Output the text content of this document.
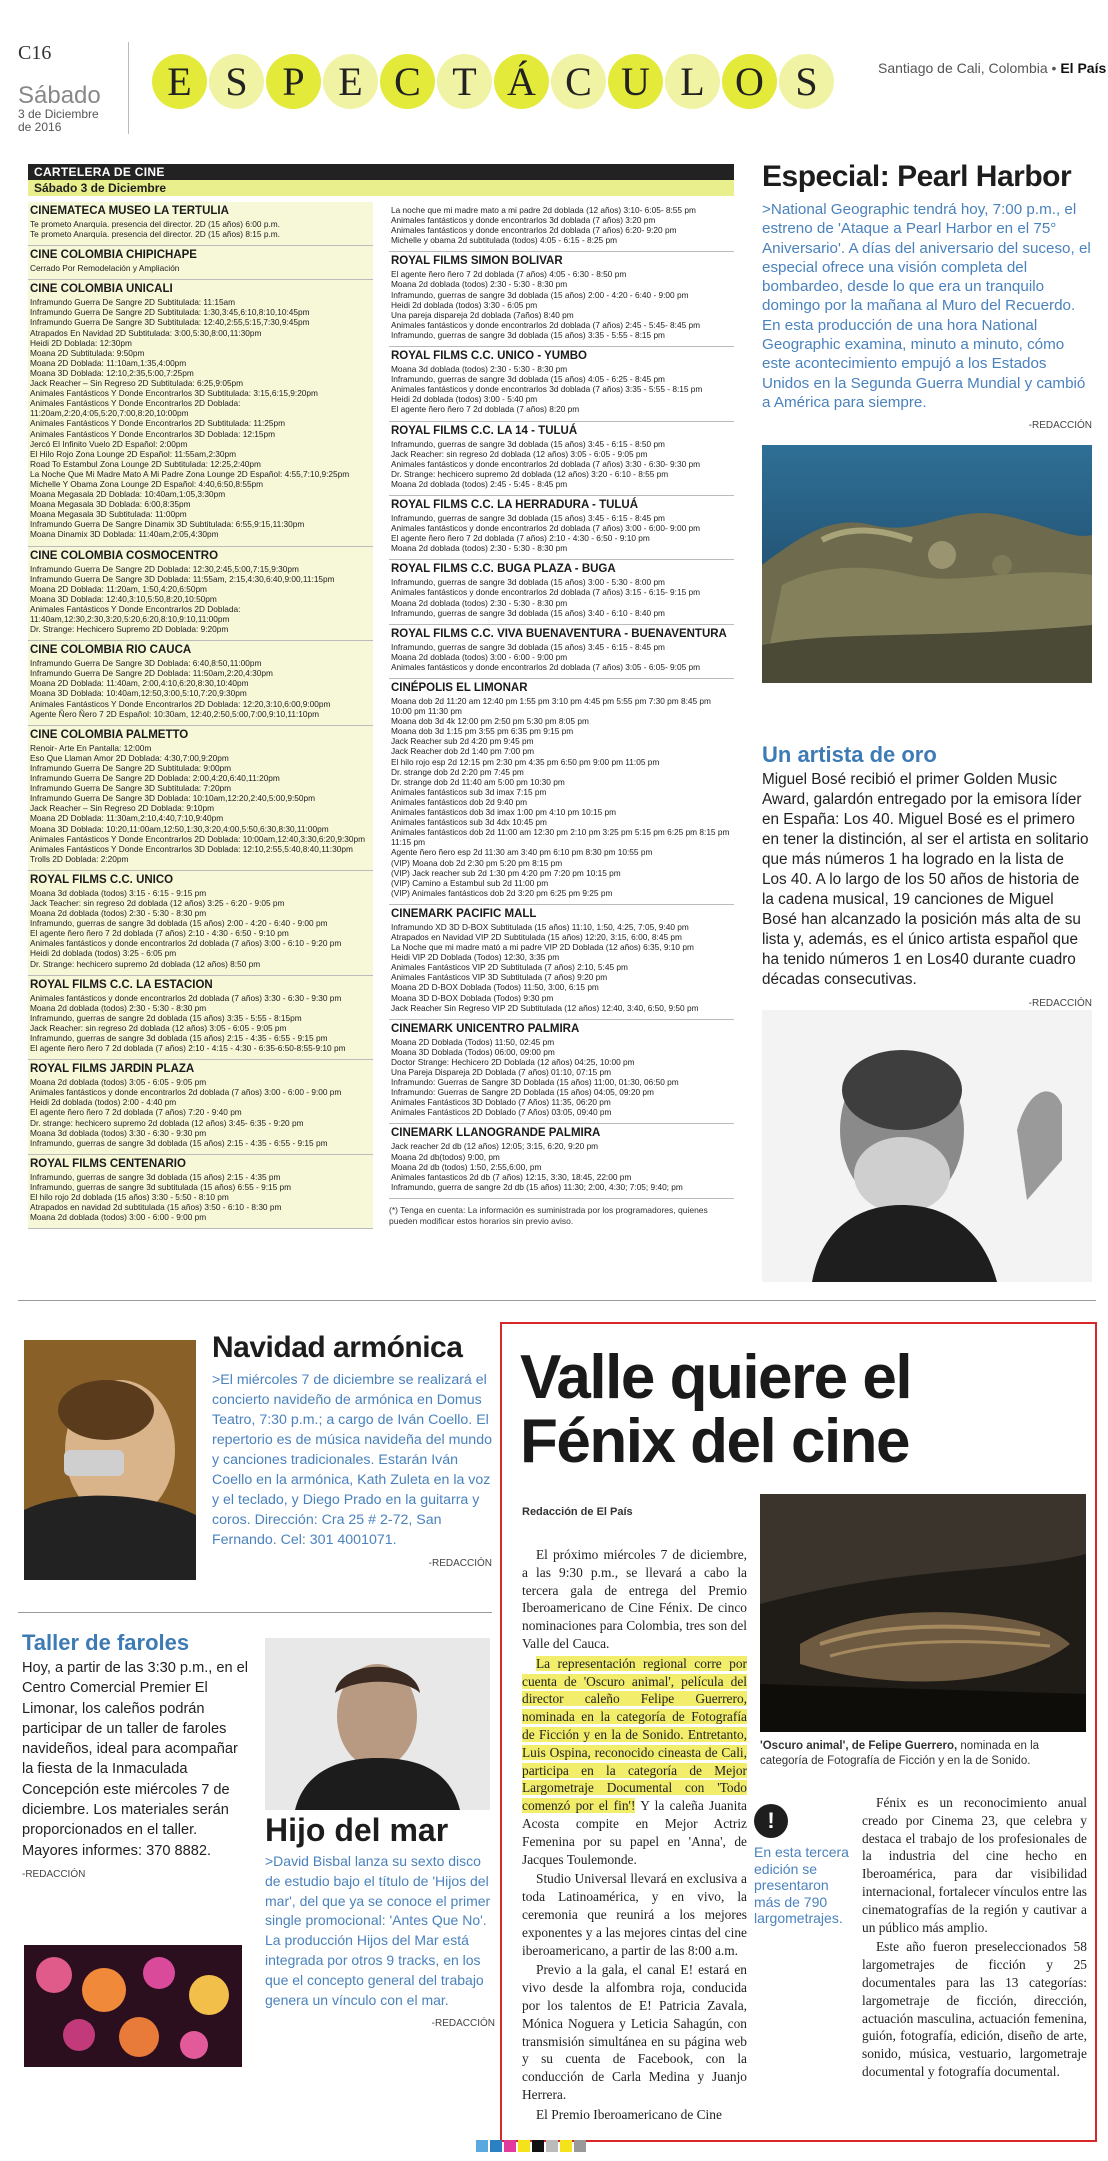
C16
Sábado
3 de Diciembre
de 2016
E S P E C T Á C U L O S	Santiago de Cali, Colombia • El País
CARTELERA DE CINE
Sábado 3 de Diciembre
CINEMATECA MUSEO LA TERTULIA
Te prometo Anarquía. presencia del director. 2D (15 años) 6:00 p.m.
Te prometo Anarquía. presencia del director. 2D (15 años) 8:15 p.m.
CINE COLOMBIA CHIPICHAPE
Cerrado Por Remodelación y Ampliación
CINE COLOMBIA UNICALI
Inframundo Guerra De Sangre 2D Subtitulada: 11:15am
Inframundo Guerra De Sangre 2D Subtitulada: 1:30,3:45,6:10,8:10,10:45pm
Inframundo Guerra De Sangre 3D Subtitulada: 12:40,2:55,5:15,7:30,9:45pm
Atrapados En Navidad 2D Subtitulada: 3:00,5:30,8:00,11:30pm
Heidi 2D Doblada: 12:30pm
Moana 2D Subtitulada: 9:50pm
Moana 2D Doblada: 11:10am,1:35,4:00pm
Moana 3D Doblada: 12:10,2:35,5:00,7:25pm
Jack Reacher – Sin Regreso 2D Subtitulada: 6:25,9:05pm
Animales Fantásticos Y Donde Encontrarlos 3D Subtitulada: 3:15,6:15,9:20pm
Animales Fantásticos Y Donde Encontrarlos 2D Doblada: 11:20am,2:20,4:05,5:20,7:00,8:20,10:00pm
Animales Fantásticos Y Donde Encontrarlos 2D Subtitulada: 11:25pm
Animales Fantásticos Y Donde Encontrarlos 3D Doblada: 12:15pm
Jercó El Infinito Vuelo 2D Español: 2:00pm
El Hilo Rojo Zona Lounge 2D Español: 11:55am,2:30pm
Road To Estambul Zona Lounge 2D Subtitulada: 12:25,2:40pm
La Noche Que Mi Madre Mato A Mi Padre Zona Lounge 2D Español: 4:55,7:10,9:25pm
Michelle Y Obama Zona Lounge 2D Español: 4:40,6:50,8:55pm
Moana Megasala 2D Doblada: 10:40am,1:05,3:30pm
Moana Megasala 3D Doblada: 6:00,8:35pm
Moana Megasala 3D Subtitulada: 11:00pm
Inframundo Guerra De Sangre Dinamix 3D Subtitulada: 6:55,9:15,11:30pm
Moana Dinamix 3D Doblada: 11:40am,2:05,4:30pm
CINE COLOMBIA COSMOCENTRO
Inframundo Guerra De Sangre 2D Doblada: 12:30,2:45,5:00,7:15,9:30pm
Inframundo Guerra De Sangre 3D Doblada: 11:55am, 2:15,4:30,6:40,9:00,11:15pm
Moana 2D Doblada: 11:20am, 1:50,4:20,6:50pm
Moana 3D Doblada: 12:40,3:10,5:50,8:20,10:50pm
Animales Fantásticos Y Donde Encontrarlos 2D Doblada: 11:40am,12:30,2:30,3:20,5:20,6:20,8:10,9:10,11:00pm
Dr. Strange: Hechicero Supremo 2D Doblada: 9:20pm
CINE COLOMBIA RIO CAUCA
Inframundo Guerra De Sangre 3D Doblada: 6:40,8:50,11:00pm
Inframundo Guerra De Sangre 2D Doblada: 11:50am,2:20,4:30pm
Moana 2D Doblada: 11:40am, 2:00,4:10,6:20,8:30,10:40pm
Moana 3D Doblada: 10:40am,12:50,3:00,5:10,7:20,9:30pm
Animales Fantásticos Y Donde Encontrarlos 2D Doblada: 12:20,3:10,6:00,9:00pm
Agente Ñero Ñero 7 2D Español: 10:30am, 12:40,2:50,5:00,7:00,9:10,11:10pm
CINE COLOMBIA PALMETTO
Renoir- Arte En Pantalla: 12:00m
Eso Que Llaman Amor 2D Doblada: 4:30,7:00,9:20pm
Inframundo Guerra De Sangre 2D Subtitulada: 9:00pm
Inframundo Guerra De Sangre 2D Doblada: 2:00,4:20,6:40,11:20pm
Inframundo Guerra De Sangre 3D Subtitulada: 7:20pm
Inframundo Guerra De Sangre 3D Doblada: 10:10am,12:20,2:40,5:00,9:50pm
Jack Reacher – Sin Regreso 2D Doblada: 9:10pm
Moana 2D Doblada: 11:30am,2:10,4:40,7:10,9:40pm
Moana 3D Doblada: 10:20,11:00am,12:50,1:30,3:20,4:00,5:50,6:30,8:30,11:00pm
Animales Fantásticos Y Donde Encontrarlos 2D Doblada: 10:00am,12:40,3:30,6:20,9:30pm
Animales Fantásticos Y Donde Encontrarlos 3D Doblada: 12:10,2:55,5:40,8:40,11:30pm
Trolls 2D Doblada: 2:20pm
ROYAL FILMS C.C. UNICO
Moana 3d doblada (todos) 3:15 - 6:15 - 9:15 pm
Jack Teacher: sin regreso 2d doblada (12 años) 3:25 - 6:20 - 9:05 pm
Moana 2d doblada (todos) 2:30 - 5:30 - 8:30 pm
Inframundo, guerras de sangre 3d doblada (15 años) 2:00 - 4:20 - 6:40 - 9:00 pm
El agente ñero ñero 7 2d doblada (7 años) 2:10 - 4:30 - 6:50 - 9:10 pm
Animales fantásticos y donde encontrarlos 2d doblada (7 años) 3:00 - 6:10 - 9:20 pm
Heidi 2d doblada (todos) 3:25 - 6:05 pm
Dr. Strange: hechicero supremo 2d doblada (12 años) 8:50 pm
ROYAL FILMS C.C. LA ESTACION
Animales fantásticos y donde encontrarlos 2d doblada (7 años) 3:30 - 6:30 - 9:30 pm
Moana 2d doblada (todos) 2:30 - 5:30 - 8:30 pm
Inframundo, guerras de sangre 2d doblada (15 años) 3:35 - 5:55 - 8:15pm
Jack Reacher: sin regreso 2d doblada (12 años) 3:05 - 6:05 - 9:05 pm
Inframundo, guerras de sangre 3d doblada (15 años) 2:15 - 4:35 - 6:55 - 9:15 pm
El agente ñero ñero 7 2d doblada (7 años) 2:10 - 4:15 - 4:30 - 6:35-6:50-8:55-9:10 pm
ROYAL FILMS JARDIN PLAZA
Moana 2d doblada (todos) 3:05 - 6:05 - 9:05 pm
Animales fantásticos y donde encontrarlos 2d doblada (7 años) 3:00 - 6:00 - 9:00 pm
Heidi 2d doblada (todos) 2:00 - 4:40 pm
El agente ñero ñero 7 2d doblada (7 años) 7:20 - 9:40 pm
Dr. strange: hechicero supremo 2d doblada (12 años) 3:45- 6:35 - 9:20 pm
Moana 3d doblada (todos) 3:30 - 6:30 - 9:30 pm
Inframundo, guerras de sangre 3d doblada (15 años) 2:15 - 4:35 - 6:55 - 9:15 pm
ROYAL FILMS CENTENARIO
Inframundo, guerras de sangre 3d doblada (15 años) 2:15 - 4:35 pm
Inframundo, guerras de sangre 3d subtitulada (15 años) 6:55 - 9:15 pm
El hilo rojo 2d doblada (15 años) 3:30 - 5:50 - 8:10 pm
Atrapados en navidad 2d subtitulada (15 años) 3:50 - 6:10 - 8:30 pm
Moana 2d doblada (todos) 3:00 - 6:00 - 9:00 pm
La noche que mi madre mato a mi padre 2d doblada (12 años) 3:10- 6:05- 8:55 pm
Animales fantásticos y donde encontrarlos 3d doblada (7 años) 3:20 pm
Animales fantásticos y donde encontrarlos 2d doblada (7 años) 6:20- 9:20 pm
Michelle y obama 2d subtitulada (todos) 4:05 - 6:15 - 8:25 pm
ROYAL FILMS SIMON BOLIVAR
El agente ñero ñero 7 2d doblada (7 años) 4:05 - 6:30 - 8:50 pm
Moana 2d doblada (todos) 2:30 - 5:30 - 8:30 pm
Inframundo, guerras de sangre 3d doblada (15 años) 2:00 - 4:20 - 6:40 - 9:00 pm
Heidi 2d doblada (todos) 3:30 - 6:05 pm
Una pareja dispareja 2d doblada (7años) 8:40 pm
Animales fantásticos y donde encontrarlos 2d doblada (7 años) 2:45 - 5:45- 8:45 pm
Inframundo, guerras de sangre 3d doblada (15 años) 3:35 - 5:55 - 8:15 pm
ROYAL FILMS C.C. UNICO - YUMBO
Moana 3d doblada (todos) 2:30 - 5:30 - 8:30 pm
Inframundo, guerras de sangre 3d doblada (15 años) 4:05 - 6:25 - 8:45 pm
Animales fantásticos y donde encontrarlos 3d doblada (7 años) 3:35 - 5:55 - 8:15 pm
Heidi 2d doblada (todos) 3:00 - 5:40 pm
El agente ñero ñero 7 2d doblada (7 años) 8:20 pm
ROYAL FILMS C.C. LA 14 - TULUÁ
Inframundo, guerras de sangre 3d doblada (15 años) 3:45 - 6:15 - 8:50 pm
Jack Reacher: sin regreso 2d doblada (12 años) 3:05 - 6:05 - 9:05 pm
Animales fantásticos y donde encontrarlos 2d doblada (7 años) 3:30 - 6:30- 9:30 pm
Dr. Strange: hechicero supremo 2d doblada (12 años) 3:20 - 6:10 - 8:55 pm
Moana 2d doblada (todos) 2:45 - 5:45 - 8:45 pm
ROYAL FILMS C.C. LA HERRADURA - TULUÁ
Inframundo, guerras de sangre 3d doblada (15 años) 3:45 - 6:15 - 8:45 pm
Animales fantásticos y donde encontrarlos 2d doblada (7 años) 3:00 - 6:00- 9:00 pm
El agente ñero ñero 7 2d doblada (7 años) 2:10 - 4:30 - 6:50 - 9:10 pm
Moana 2d doblada (todos) 2:30 - 5:30 - 8:30 pm
ROYAL FILMS C.C. BUGA PLAZA - BUGA
Inframundo, guerras de sangre 3d doblada (15 años) 3:00 - 5:30 - 8:00 pm
Animales fantásticos y donde encontrarlos 2d doblada (7 años) 3:15 - 6:15- 9:15 pm
Moana 2d doblada (todos) 2:30 - 5:30 - 8:30 pm
Inframundo, guerras de sangre 3d doblada (15 años) 3:40 - 6:10 - 8:40 pm
ROYAL FILMS C.C. VIVA BUENAVENTURA - BUENAVENTURA
Inframundo, guerras de sangre 3d doblada (15 años) 3:45 - 6:15 - 8:45 pm
Moana 2d doblada (todos) 3:00 - 6:00 - 9:00 pm
Animales fantásticos y donde encontrarlos 2d doblada (7 años) 3:05 - 6:05- 9:05 pm
CINÉPOLIS EL LIMONAR
Moana dob 2d 11:20 am 12:40 pm 1:55 pm 3:10 pm 4:45 pm 5:55 pm 7:30 pm 8:45 pm 10:00 pm 11:30 pm
Moana dob 3d 4k 12:00 pm 2:50 pm 5:30 pm 8:05 pm
Moana dob 3d 1:15 pm 3:55 pm 6:35 pm 9:15 pm
Jack Reacher sub 2d 4:20 pm 9:45 pm
Jack Reacher dob 2d 1:40 pm 7:00 pm
El hilo rojo esp 2d 12:15 pm 2:30 pm 4:35 pm 6:50 pm 9:00 pm 11:05 pm
Dr. strange dob 2d 2:20 pm 7:45 pm
Dr. strange dob 2d 11:40 am 5:00 pm 10:30 pm
Animales fantásticos sub 3d imax 7:15 pm
Animales fantásticos dob 2d 9:40 pm
Animales fantásticos dob 3d imax 1:00 pm 4:10 pm 10:15 pm
Animales fantásticos sub 3d 4dx 10:45 pm
Animales fantásticos dob 2d 11:00 am 12:30 pm 2:10 pm 3:25 pm 5:15 pm 6:25 pm 8:15 pm 11:15 pm
Agente ñero ñero esp 2d 11:30 am 3:40 pm 6:10 pm 8:30 pm 10:55 pm
(VIP) Moana dob 2d 2:30 pm 5:20 pm 8:15 pm
(VIP) Jack reacher sub 2d 1:30 pm 4:20 pm 7:20 pm 10:15 pm
(VIP) Camino a Estambul sub 2d 11:00 pm
(VIP) Animales fantásticos dob 2d 3:20 pm 6:25 pm 9:25 pm
CINEMARK PACIFIC MALL
Inframundo XD 3D D-BOX Subtitulada (15 años) 11:10, 1:50, 4:25, 7:05, 9:40 pm
Atrapados en Navidad VIP 2D Subtitulada (15 años) 12:20, 3:15, 6:00, 8:45 pm
La Noche que mi madre mató a mi padre VIP 2D Doblada (12 años) 6:35, 9:10 pm
Heidi VIP 2D Doblada (Todos) 12:30, 3:35 pm
Animales Fantásticos VIP 2D Subtitulada (7 años) 2:10, 5:45 pm
Animales Fantásticos VIP 3D Subtitulada (7 años) 9:20 pm
Moana 2D D-BOX Doblada (Todos) 11:50, 3:00, 6:15 pm
Moana 3D D-BOX Doblada (Todos) 9:30 pm
Jack Reacher Sin Regreso VIP 2D Subtitulada (12 años) 12:40, 3:40, 6:50, 9:50 pm
CINEMARK UNICENTRO PALMIRA
Moana 2D Doblada (Todos) 11:50, 02:45 pm
Moana 3D Doblada (Todos) 06:00, 09:00 pm
Doctor Strange: Hechicero 2D Doblada (12 años) 04:25, 10:00 pm
Una Pareja Dispareja 2D Doblada (7 años) 01:10, 07:15 pm
Inframundo: Guerras de Sangre 3D Doblada (15 años) 11:00, 01:30, 06:50 pm
Inframundo: Guerras de Sangre 2D Doblada (15 años) 04:05, 09:20 pm
Animales Fantásticos 3D Doblado (7 Años) 11:35, 06:20 pm
Animales Fantásticos 2D Doblado (7 Años) 03:05, 09:40 pm
CINEMARK LLANOGRANDE PALMIRA
Jack reacher 2d db (12 años) 12:05; 3:15, 6:20, 9:20 pm
Moana 2d db(todos) 9:00, pm
Moana 2d db (todos) 1:50, 2:55,6:00, pm
Animales fantasticos 2d db (7 años) 12:15, 3:30, 18:45, 22:00 pm
Inframundo, guerra de sangre 2d db (15 años) 11:30; 2:00, 4:30; 7:05; 9:40; pm
(*) Tenga en cuenta: La información es suministrada por los programadores, quienes pueden modificar estos horarios sin previo aviso.
Especial: Pearl Harbor
>National Geographic tendrá hoy, 7:00 p.m., el estreno de 'Ataque a Pearl Harbor en el 75° Aniversario'. A días del aniversario del suceso, el especial ofrece una visión completa del bombardeo, desde lo que era un tranquilo domingo por la mañana al Muro del Recuerdo. En esta producción de una hora National Geographic examina, minuto a minuto, cómo este acontecimiento empujó a los Estados Unidos en la Segunda Guerra Mundial y cambió a América para siempre.
-REDACCIÓN
Un artista de oro
Miguel Bosé recibió el primer Golden Music Award, galardón entregado por la emisora líder en España: Los 40. Miguel Bosé es el primero en tener la distinción, al ser el artista en solitario que más números 1 ha logrado en la lista de Los 40. A lo largo de los 50 años de historia de la cadena musical, 19 canciones de Miguel Bosé han alcanzado la posición más alta de su lista y, además, es el único artista español que ha tenido números 1 en Los40 durante cuadro décadas consecutivas.
-REDACCIÓN
Navidad armónica
>El miércoles 7 de diciembre se realizará el concierto navideño de armónica en Domus Teatro, 7:30 p.m.; a cargo de Iván Coello. El repertorio es de música navideña del mundo y canciones tradicionales. Estarán Iván Coello en la armónica, Kath Zuleta en la voz y el teclado, y Diego Prado en la guitarra y coros. Dirección: Cra 25 # 2-72, San Fernando. Cel: 301 4001071.
-REDACCIÓN
Taller de faroles
Hoy, a partir de las 3:30 p.m., en el Centro Comercial Premier El Limonar, los caleños podrán participar de un taller de faroles navideños, ideal para acompañar la fiesta de la Inmaculada Concepción este miércoles 7 de diciembre. Los materiales serán proporcionados en el taller. Mayores informes: 370 8882.
-REDACCIÓN
Hijo del mar
>David Bisbal lanza su sexto disco de estudio bajo el título de 'Hijos del mar', del que ya se conoce el primer single promocional: 'Antes Que No'. La producción Hijos del Mar está integrada por otros 9 tracks, en los que el concepto general del trabajo genera un vínculo con el mar.
-REDACCIÓN
Valle quiere el Fénix del cine
Redacción de El País

El próximo miércoles 7 de diciembre, a las 9:30 p.m., se llevará a cabo la tercera gala de entrega del Premio Iberoamericano de Cine Fénix. De cinco nominaciones para Colombia, tres son del Valle del Cauca.

La representación regional corre por cuenta de 'Oscuro animal', película del director caleño Felipe Guerrero, nominada en la categoría de Fotografía de Ficción y en la de Sonido. Entretanto, Luis Ospina, reconocido cineasta de Cali, participa en la categoría de Mejor Largometraje Documental con 'Todo comenzó por el fin'! Y la caleña Juanita Acosta compite en Mejor Actriz Femenina por su papel en 'Anna', de Jacques Toulemonde.

Studio Universal llevará en exclusiva a toda Latinoamérica, y en vivo, la ceremonia que reunirá a los mejores exponentes y a las mejores cintas del cine iberoamericano, a partir de las 8:00 a.m.

Previo a la gala, el canal E! estará en vivo desde la alfombra roja, conducida por los talentos de E! Patricia Zavala, Mónica Noguera y Leticia Sahagún, con transmisión simultánea en su página web y su cuenta de Facebook, con la conducción de Carla Medina y Juanjo Herrera.

El Premio Iberoamericano de Cine

'Oscuro animal', de Felipe Guerrero, nominada en la categoría de Fotografía de Ficción y en la de Sonido.
!
En esta tercera edición se presentaron más de 790 largometrajes.

Fénix es un reconocimiento anual creado por Cinema 23, que celebra y destaca el trabajo de los profesionales de la industria del cine hecho en Iberoamérica, para dar visibilidad internacional, fortalecer vínculos entre las cinematografías de la región y cautivar a un público más amplio.

Este año fueron preseleccionados 58 largometrajes de ficción y 25 documentales para las 13 categorías: largometraje de ficción, dirección, actuación masculina, actuación femenina, guión, fotografía, edición, diseño de arte, sonido, música, vestuario, largometraje documental y fotografía documental.
